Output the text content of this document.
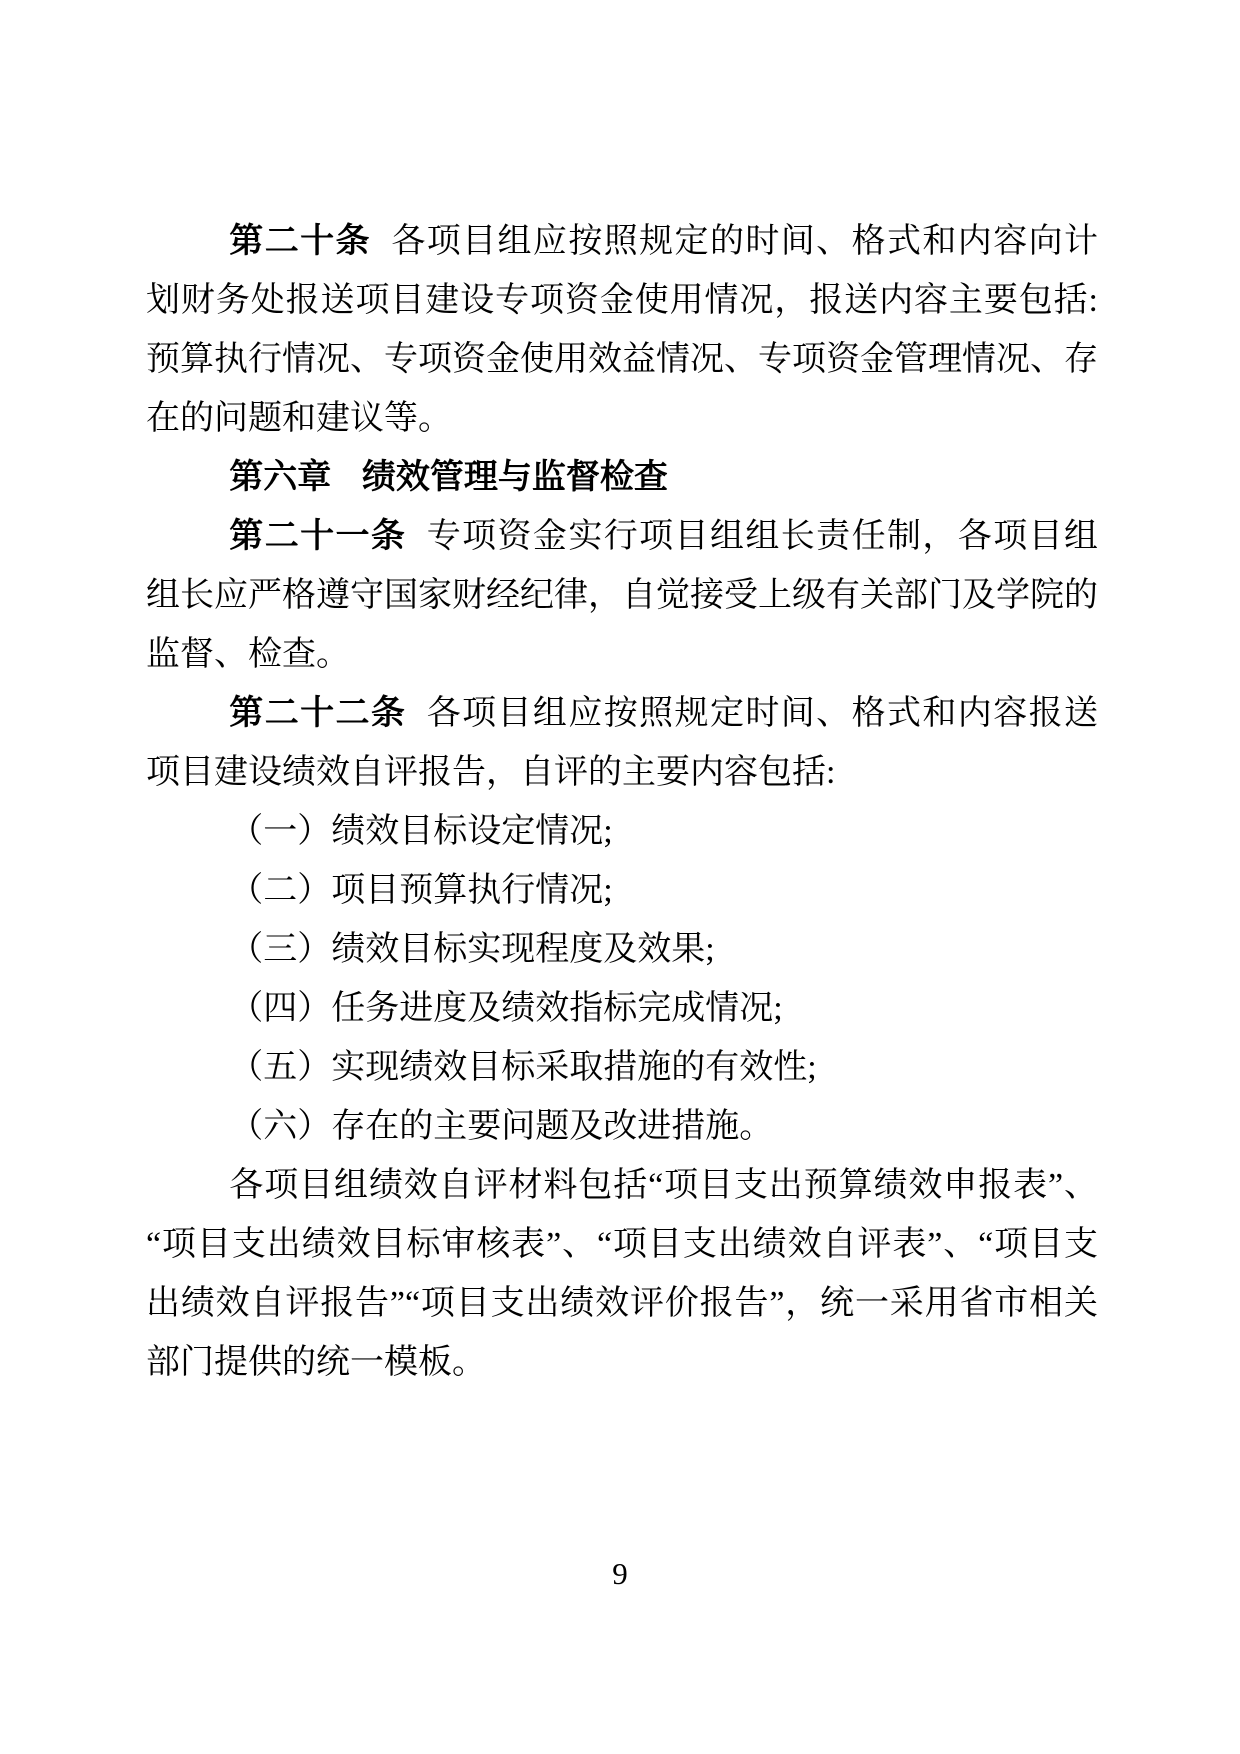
第二十条 各项目组应按照规定的时间、格式和内容向计划财务处报送项目建设专项资金使用情况，报送内容主要包括: 预算执行情况、专项资金使用效益情况、专项资金管理情况、存在的问题和建议等。

第六章 绩效管理与监督检查

第二十一条 专项资金实行项目组组长责任制，各项目组组长应严格遵守国家财经纪律，自觉接受上级有关部门及学院的监督、检查。

第二十二条 各项目组应按照规定时间、格式和内容报送项目建设绩效自评报告，自评的主要内容包括:

（一）绩效目标设定情况;

（二）项目预算执行情况;

（三）绩效目标实现程度及效果;

（四）任务进度及绩效指标完成情况;

（五）实现绩效目标采取措施的有效性;

（六）存在的主要问题及改进措施。

各项目组绩效自评材料包括“项目支出预算绩效申报表”、“项目支出绩效目标审核表”、“项目支出绩效自评表”、“项目支出绩效自评报告”“项目支出绩效评价报告”，统一采用省市相关部门提供的统一模板。

9
